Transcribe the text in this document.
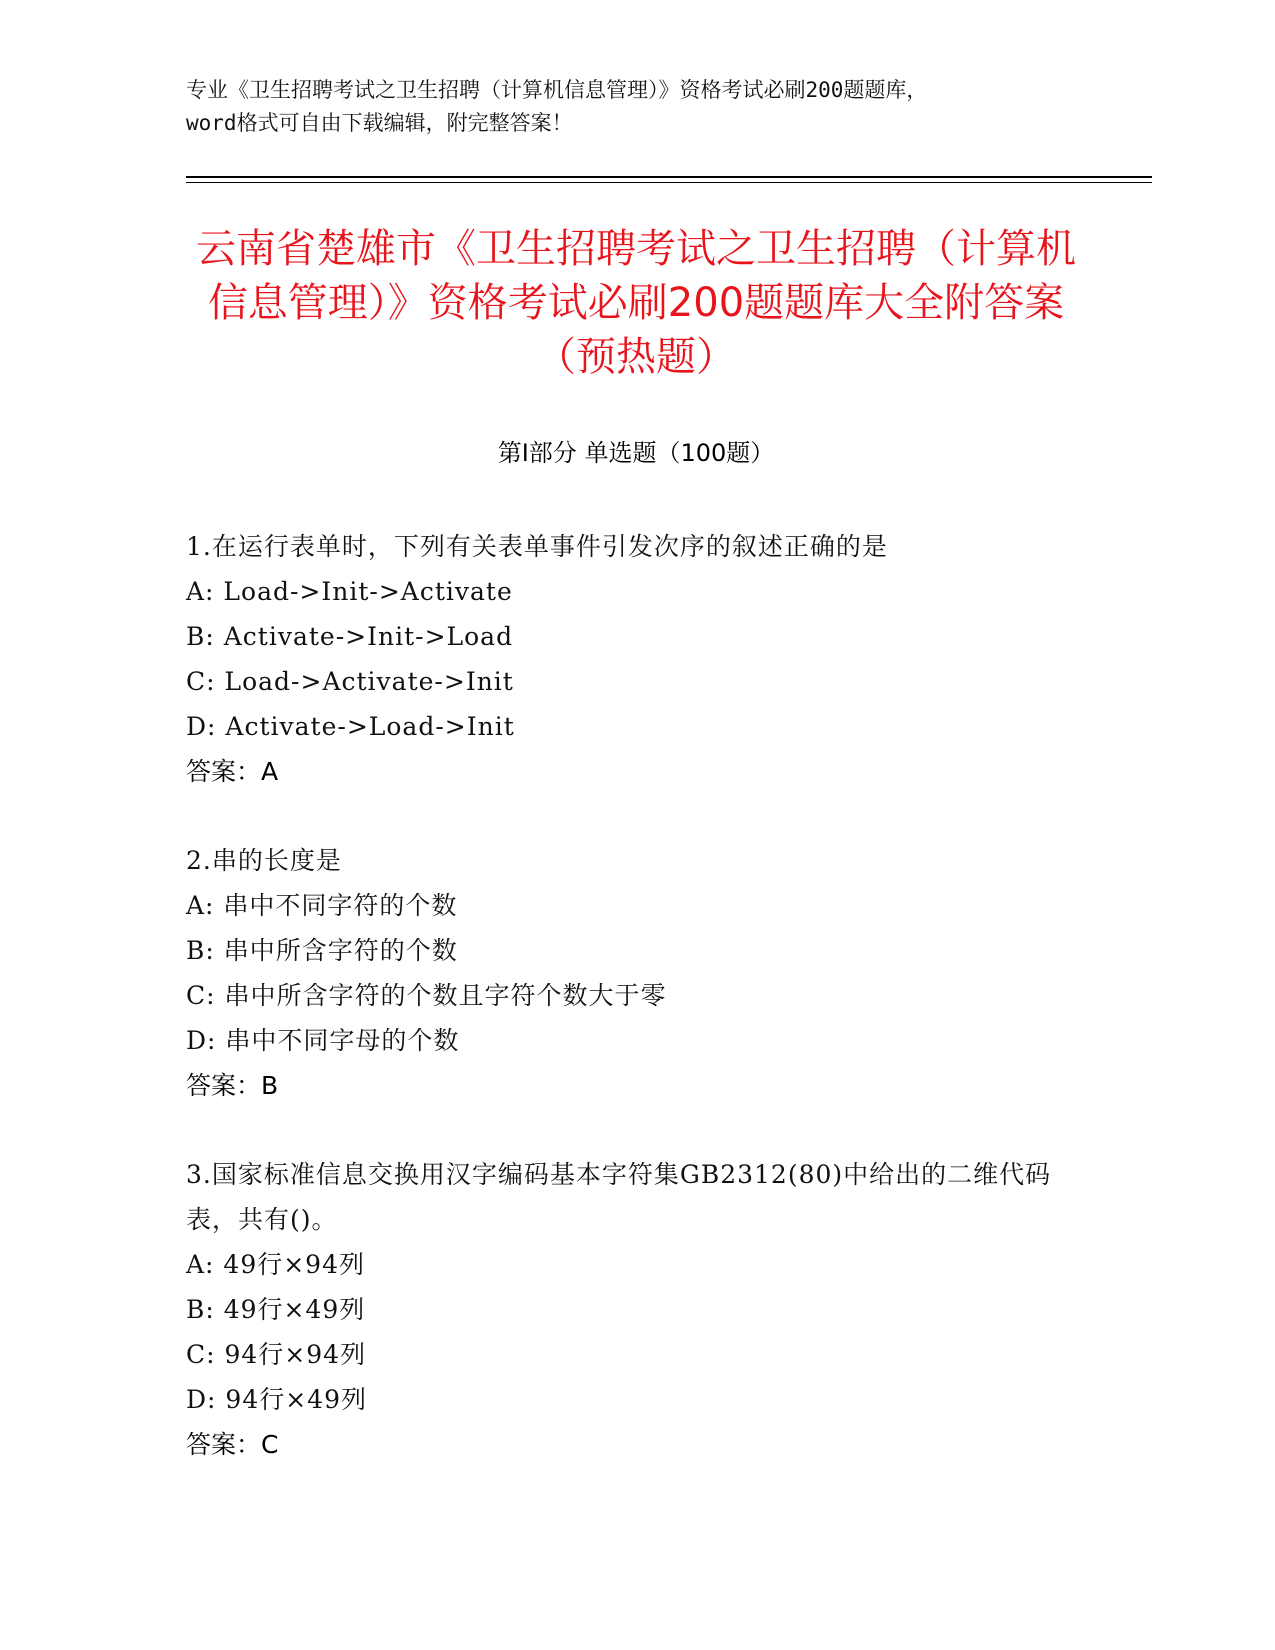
专业《卫生招聘考试之卫生招聘（计算机信息管理）》资格考试必刷200题题库，
word格式可自由下载编辑，附完整答案！
云南省楚雄市《卫生招聘考试之卫生招聘（计算机信息管理）》资格考试必刷200题题库大全附答案（预热题）
第Ⅰ部分 单选题（100题）
1.在运行表单时，下列有关表单事件引发次序的叙述正确的是
A: Load->Init->Activate
B: Activate->Init->Load
C: Load->Activate->Init
D: Activate->Load->Init
答案：A
2.串的长度是
A: 串中不同字符的个数
B: 串中所含字符的个数
C: 串中所含字符的个数且字符个数大于零
D: 串中不同字母的个数
答案：B
3.国家标准信息交换用汉字编码基本字符集GB2312(80)中给出的二维代码表，共有()。
A: 49行×94列
B: 49行×49列
C: 94行×94列
D: 94行×49列
答案：C
